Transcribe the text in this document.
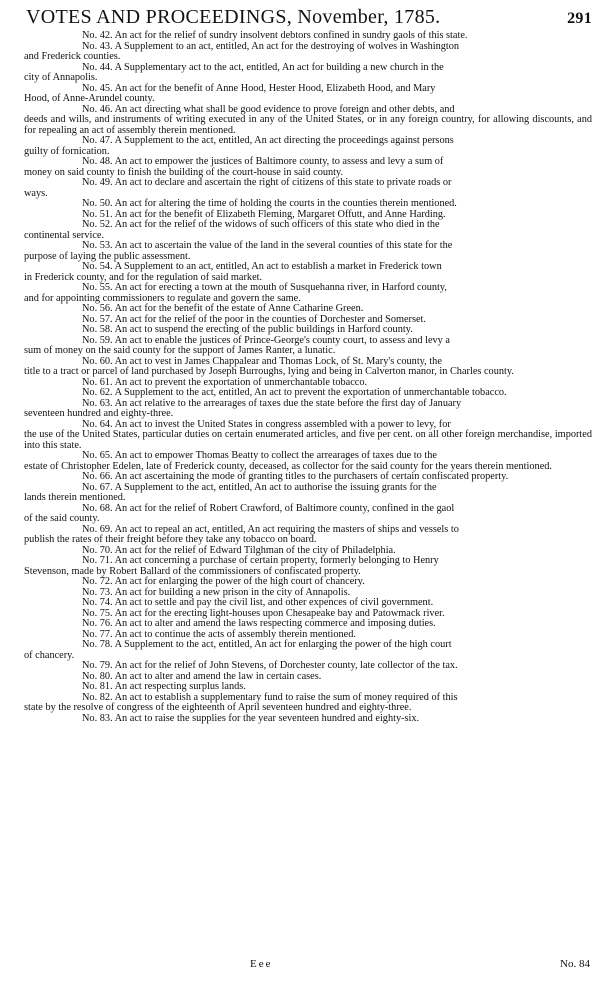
VOTES AND PROCEEDINGS, November, 1785.	291

No. 42. An act for the relief of sundry insolvent debtors confined in sundry gaols of this state.

No. 43. A Supplement to an act, entitled, An act for the destroying of wolves in Washington
and Frederick counties.

No. 44. A Supplementary act to the act, entitled, An act for building a new church in the
city of Annapolis.

No. 45. An act for the benefit of Anne Hood, Hester Hood, Elizabeth Hood, and Mary
Hood, of Anne-Arundel county.

No. 46. An act directing what shall be good evidence to prove foreign and other debts, and
deeds and wills, and instruments of writing executed in any of the United States, or in any foreign country, for allowing discounts, and for repealing an act of assembly therein mentioned.

No. 47. A Supplement to the act, entitled, An act directing the proceedings against persons
guilty of fornication.

No. 48. An act to empower the justices of Baltimore county, to assess and levy a sum of
money on said county to finish the building of the court-house in said county.

No. 49. An act to declare and ascertain the right of citizens of this state to private roads or
ways.

No. 50. An act for altering the time of holding the courts in the counties therein mentioned.

No. 51. An act for the benefit of Elizabeth Fleming, Margaret Offutt, and Anne Harding.

No. 52. An act for the relief of the widows of such officers of this state who died in the
continental service.

No. 53. An act to ascertain the value of the land in the several counties of this state for the
purpose of laying the public assessment.

No. 54. A Supplement to an act, entitled, An act to establish a market in Frederick town
in Frederick county, and for the regulation of said market.

No. 55. An act for erecting a town at the mouth of Susquehanna river, in Harford county,
and for appointing commissioners to regulate and govern the same.

No. 56. An act for the benefit of the estate of Anne Catharine Green.

No. 57. An act for the relief of the poor in the counties of Dorchester and Somerset.

No. 58. An act to suspend the erecting of the public buildings in Harford county.

No. 59. An act to enable the justices of Prince-George's county court, to assess and levy a
sum of money on the said county for the support of James Ranter, a lunatic.

No. 60. An act to vest in James Chappalear and Thomas Lock, of St. Mary's county, the
title to a tract or parcel of land purchased by Joseph Burroughs, lying and being in Calverton manor, in Charles county.

No. 61. An act to prevent the exportation of unmerchantable tobacco.

No. 62. A Supplement to the act, entitled, An act to prevent the exportation of unmerchantable tobacco.

No. 63. An act relative to the arrearages of taxes due the state before the first day of January
seventeen hundred and eighty-three.

No. 64. An act to invest the United States in congress assembled with a power to levy, for
the use of the United States, particular duties on certain enumerated articles, and five per cent. on all other foreign merchandise, imported into this state.

No. 65. An act to empower Thomas Beatty to collect the arrearages of taxes due to the
estate of Christopher Edelen, late of Frederick county, deceased, as collector for the said county for the years therein mentioned.

No. 66. An act ascertaining the mode of granting titles to the purchasers of certain confiscated property.

No. 67. A Supplement to the act, entitled, An act to authorise the issuing grants for the
lands therein mentioned.

No. 68. An act for the relief of Robert Crawford, of Baltimore county, confined in the gaol
of the said county.

No. 69. An act to repeal an act, entitled, An act requiring the masters of ships and vessels to
publish the rates of their freight before they take any tobacco on board.

No. 70. An act for the relief of Edward Tilghman of the city of Philadelphia.

No. 71. An act concerning a purchase of certain property, formerly belonging to Henry
Stevenson, made by Robert Ballard of the commissioners of confiscated property.

No. 72. An act for enlarging the power of the high court of chancery.

No. 73. An act for building a new prison in the city of Annapolis.

No. 74. An act to settle and pay the civil list, and other expences of civil government.

No. 75. An act for the erecting light-houses upon Chesapeake bay and Patowmack river.

No. 76. An act to alter and amend the laws respecting commerce and imposing duties.

No. 77. An act to continue the acts of assembly therein mentioned.

No. 78. A Supplement to the act, entitled, An act for enlarging the power of the high court
of chancery.

No. 79. An act for the relief of John Stevens, of Dorchester county, late collector of the tax.

No. 80. An act to alter and amend the law in certain cases.

No. 81. An act respecting surplus lands.

No. 82. An act to establish a supplementary fund to raise the sum of money required of this
state by the resolve of congress of the eighteenth of April seventeen hundred and eighty-three.

No. 83. An act to raise the supplies for the year seventeen hundred and eighty-six.

Eee	No. 84
